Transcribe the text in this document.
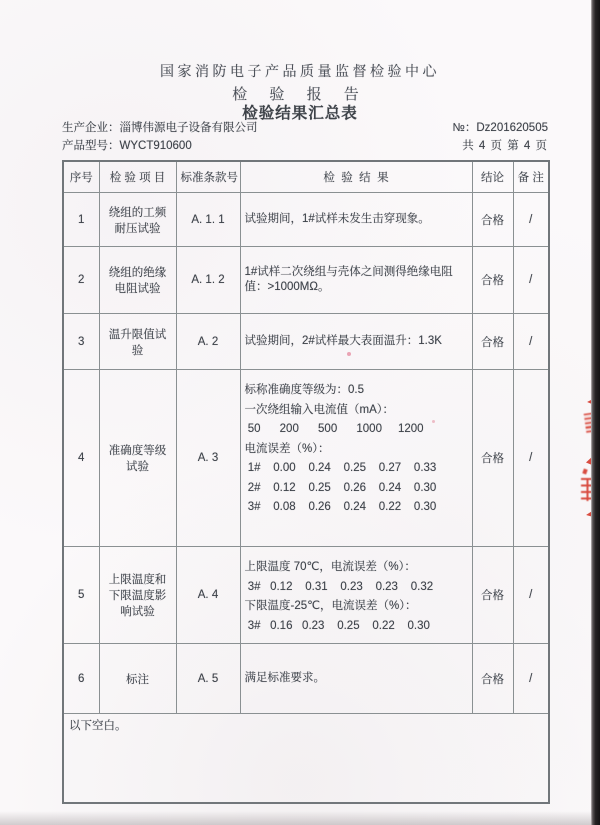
国家消防电子产品质量监督检验中心
检 验 报 告
检验结果汇总表
生产企业：淄博伟源电子设备有限公司
产品型号：WYCT910600
№：Dz201620505
共 4 页 第 4 页
序号	检 验 项 目	标准条款号	检  验  结  果	结论	备 注
1	绕组的工频耐压试验	A. 1. 1	试验期间，1#试样未发生击穿现象。	合格	/
2	绕组的绝缘电阻试验	A. 1. 2	1#试样二次绕组与壳体之间测得绝缘电阻值：>1000MΩ。	合格	/
3	温升限值试验	A. 2	试验期间，2#试样最大表面温升：1.3K	合格	/
4	准确度等级试验	A. 3	标称准确度等级为：0.5
一次绕组输入电流值（mA）：
50      200      500      1000     1200
电流误差（%）：
1#    0.00    0.24    0.25    0.27    0.33
2#    0.12    0.25    0.26    0.24    0.30
3#    0.08    0.26    0.24    0.22    0.30	合格	/
5	上限温度和下限温度影响试验	A. 4	上限温度 70℃，电流误差（%）：
3#   0.12    0.31    0.23    0.23    0.32
下限温度-25℃，电流误差（%）：
3#   0.16   0.23    0.25    0.22    0.30	合格	/
6	标注	A. 5	满足标准要求。	合格	/
以下空白。					
